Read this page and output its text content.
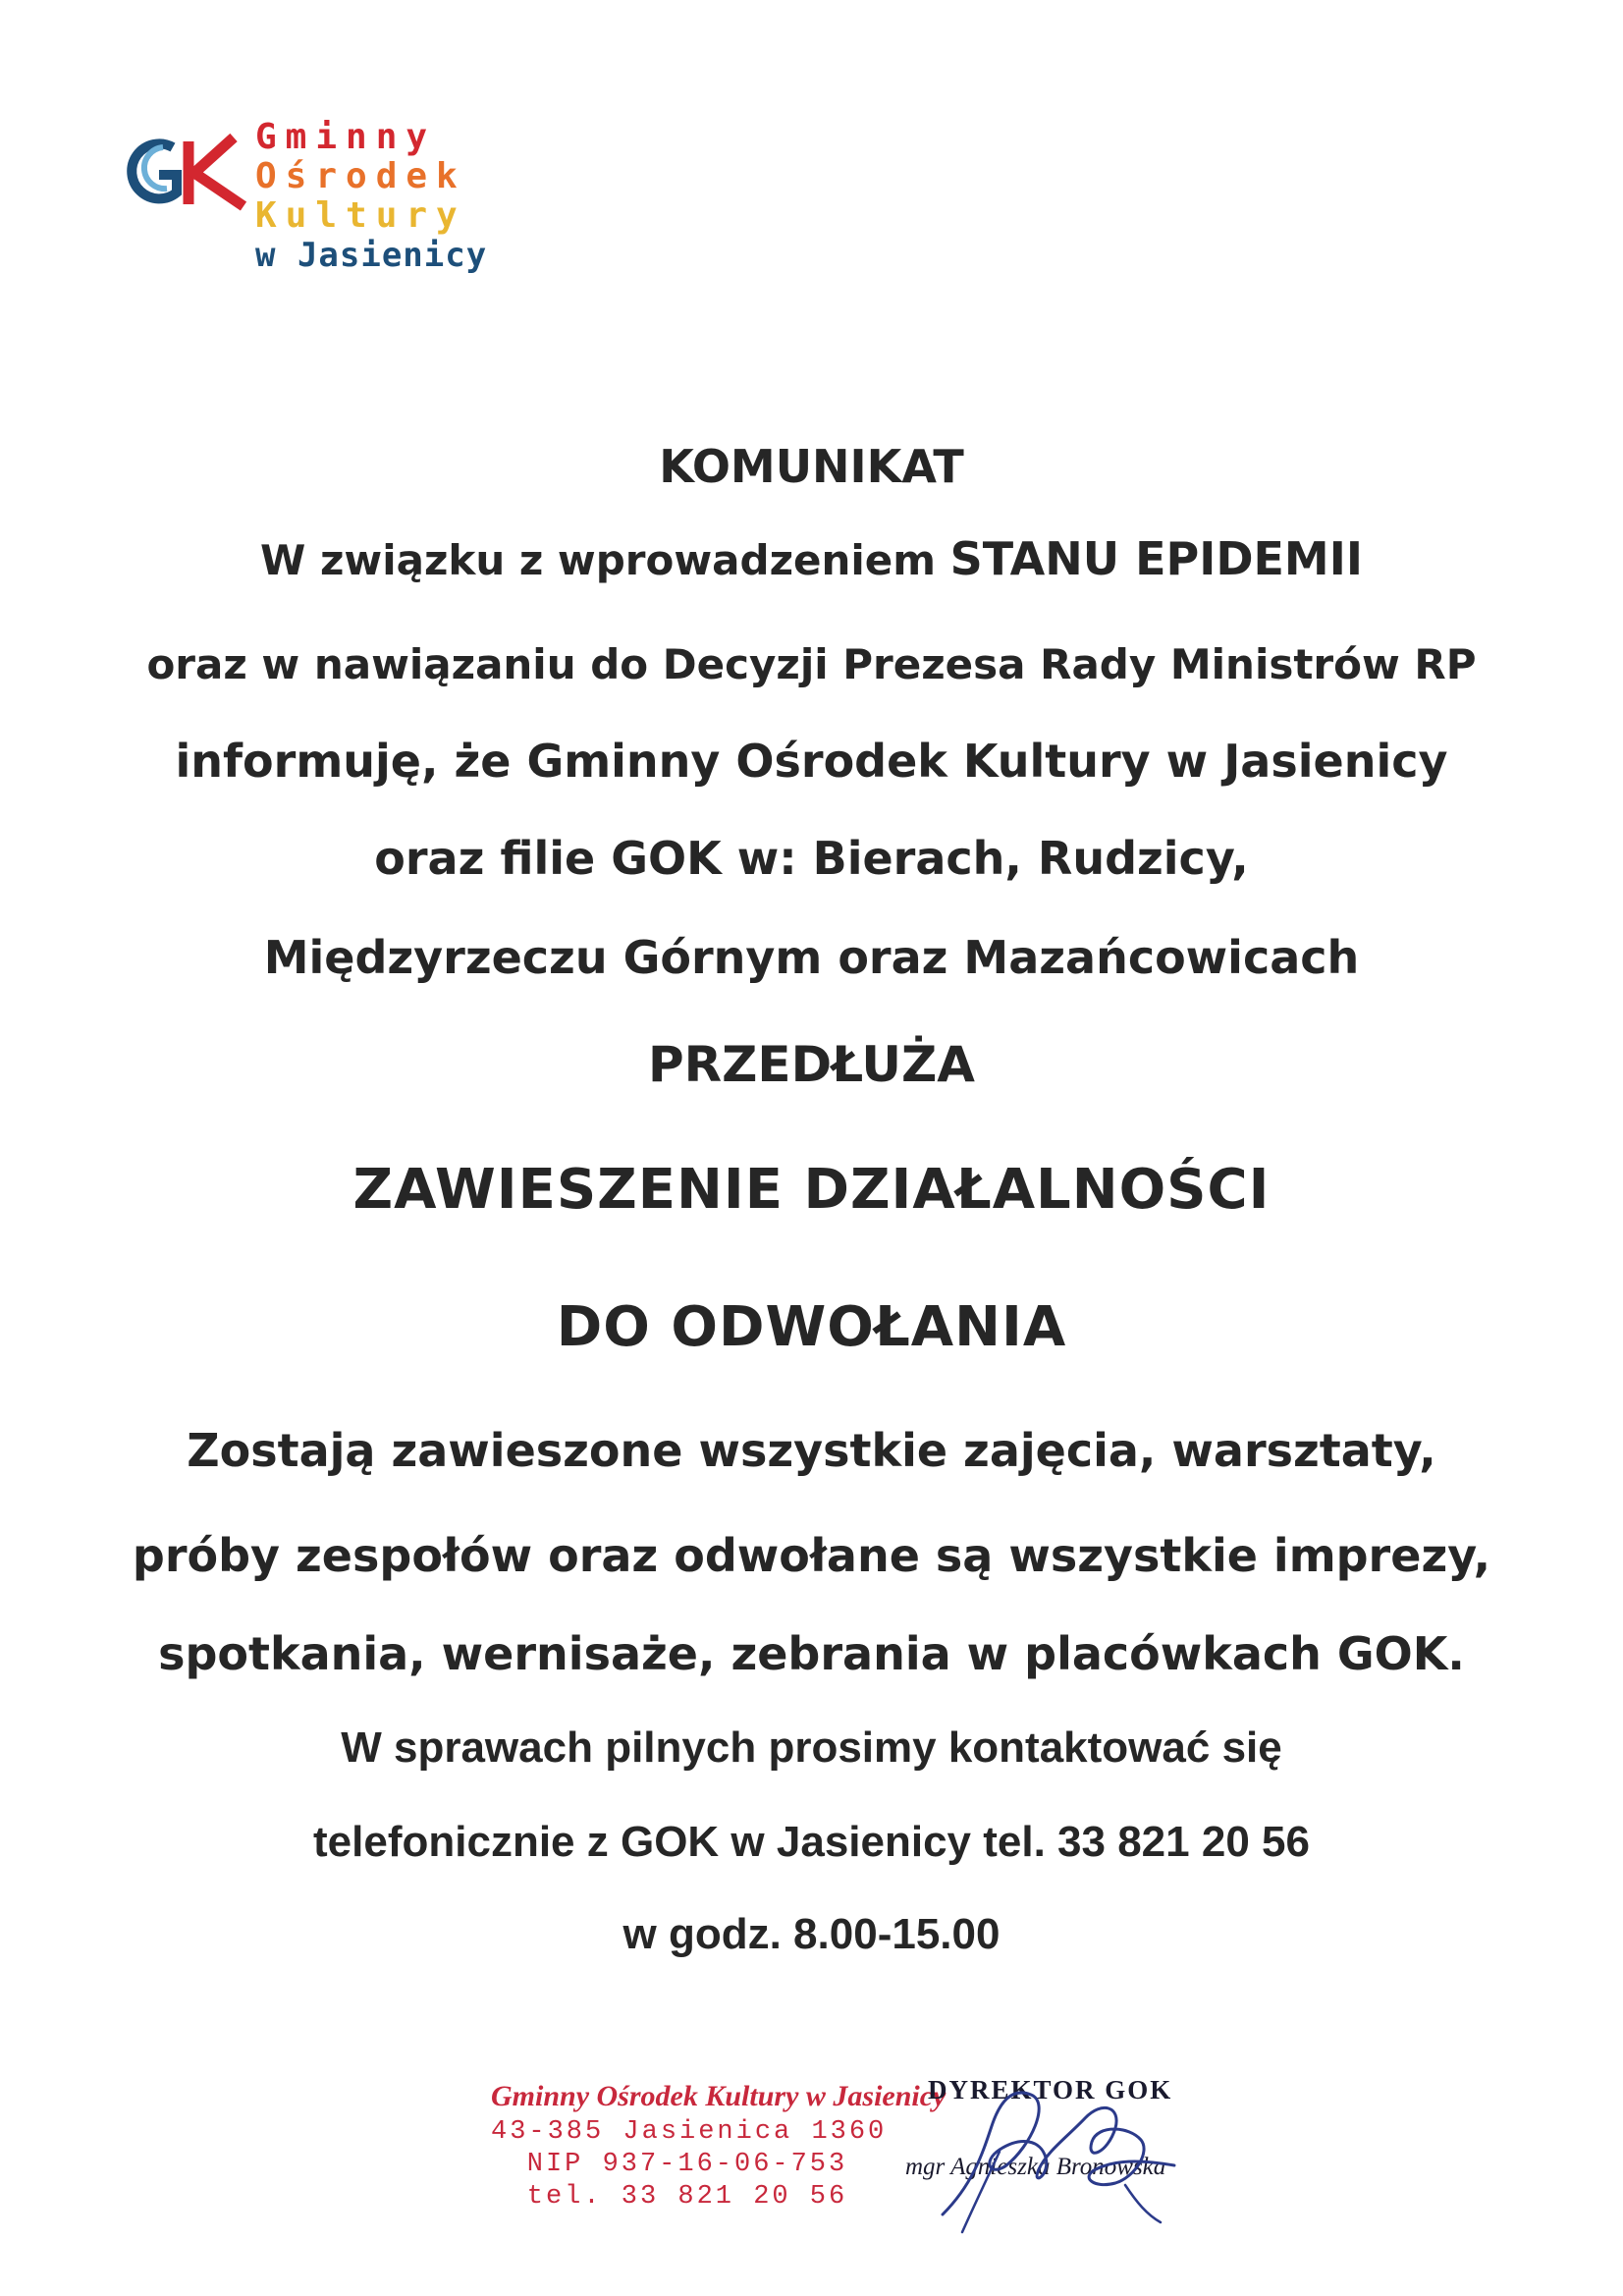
Gminny
Ośrodek
Kultury
w Jasienicy
KOMUNIKAT
W związku z wprowadzeniem STANU EPIDEMII
oraz w nawiązaniu do Decyzji Prezesa Rady Ministrów RP
informuję, że Gminny Ośrodek Kultury w Jasienicy
oraz filie GOK w: Bierach, Rudzicy,
Międzyrzeczu Górnym oraz Mazańcowicach
PRZEDŁUŻA
ZAWIESZENIE DZIAŁALNOŚCI
DO ODWOŁANIA
Zostają zawieszone wszystkie zajęcia, warsztaty,
próby zespołów oraz odwołane są wszystkie imprezy,
spotkania, wernisaże, zebrania w placówkach GOK.
W sprawach pilnych prosimy kontaktować się
telefonicznie z GOK w Jasienicy tel. 33 821 20 56
w godz. 8.00-15.00
Gminny Ośrodek Kultury w Jasienicy
43-385 Jasienica 1360
NIP 937-16-06-753
tel. 33 821 20 56
DYREKTOR GOK
mgr Agnieszka Bronowska
